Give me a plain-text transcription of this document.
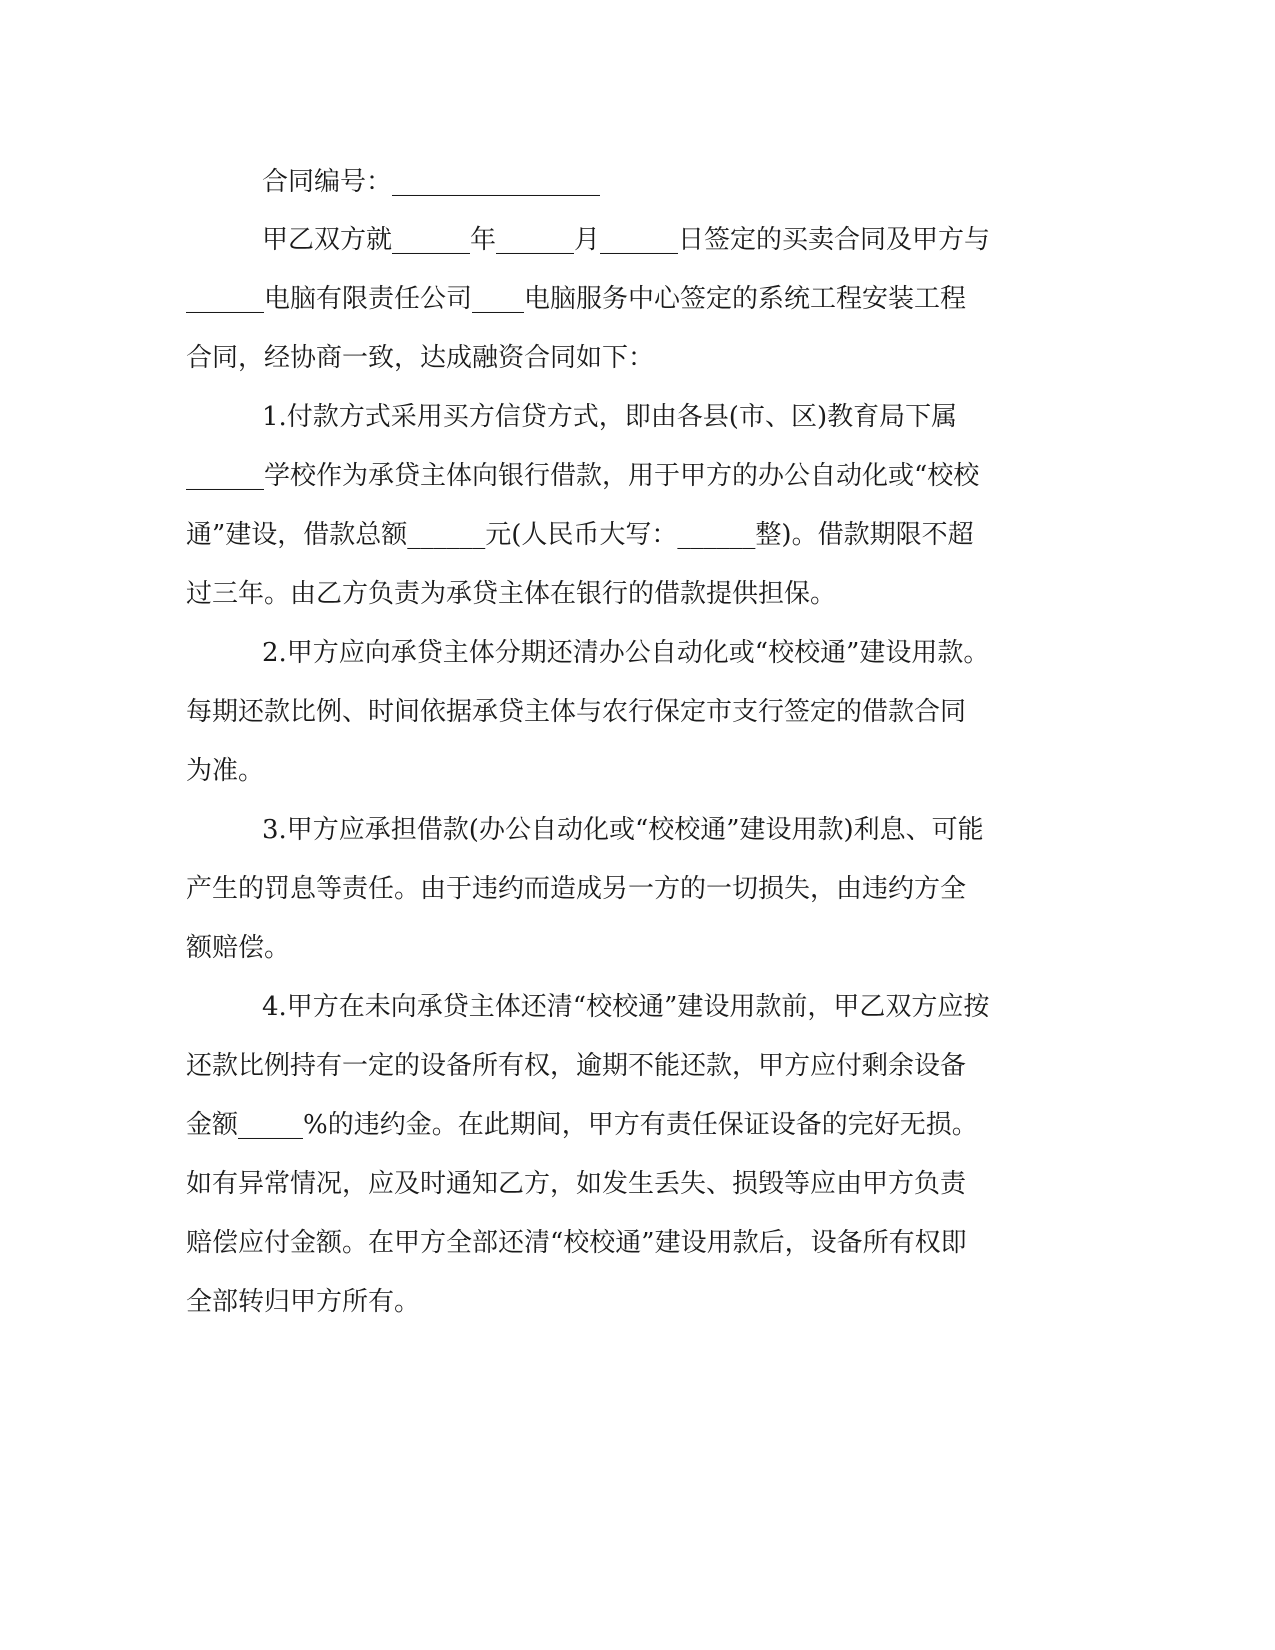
合同编号：________________
甲乙双方就______年______月______日签定的买卖合同及甲方与
______电脑有限责任公司____电脑服务中心签定的系统工程安装工程
合同，经协商一致，达成融资合同如下：
1.付款方式采用买方信贷方式，即由各县(市、区)教育局下属
______学校作为承贷主体向银行借款，用于甲方的办公自动化或“校校
通”建设，借款总额______元(人民币大写：______整)。借款期限不超
过三年。由乙方负责为承贷主体在银行的借款提供担保。
2.甲方应向承贷主体分期还清办公自动化或“校校通”建设用款。
每期还款比例、时间依据承贷主体与农行保定市支行签定的借款合同
为准。
3.甲方应承担借款(办公自动化或“校校通”建设用款)利息、可能
产生的罚息等责任。由于违约而造成另一方的一切损失，由违约方全
额赔偿。
4.甲方在未向承贷主体还清“校校通”建设用款前，甲乙双方应按
还款比例持有一定的设备所有权，逾期不能还款，甲方应付剩余设备
金额_____%的违约金。在此期间，甲方有责任保证设备的完好无损。
如有异常情况，应及时通知乙方，如发生丢失、损毁等应由甲方负责
赔偿应付金额。在甲方全部还清“校校通”建设用款后，设备所有权即
全部转归甲方所有。
